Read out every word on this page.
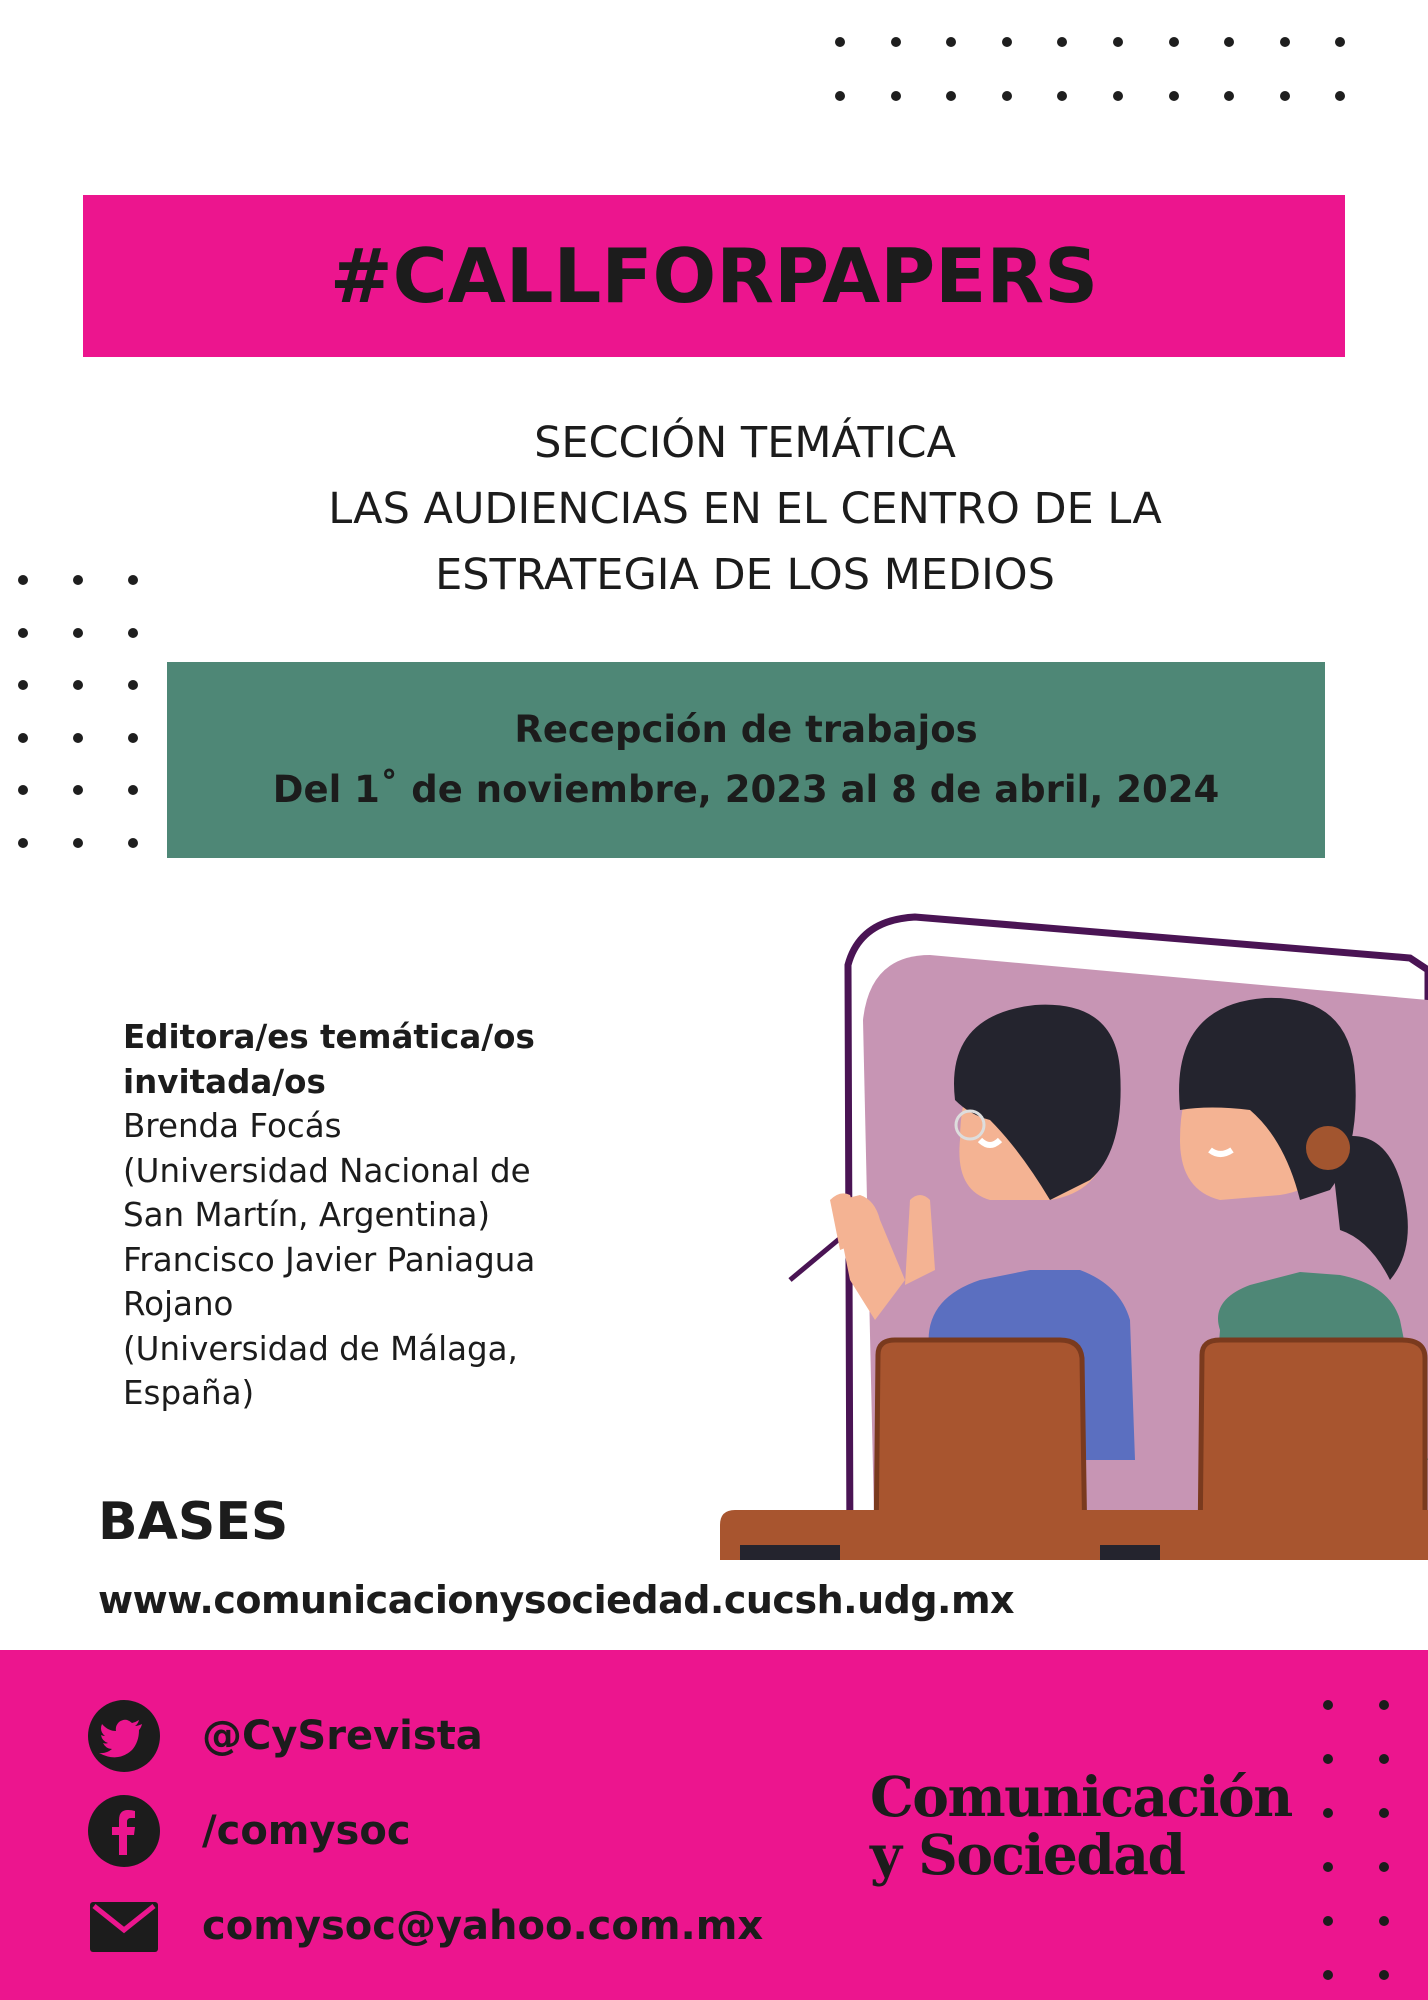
#CALLFORPAPERS
SECCIÓN TEMÁTICA
LAS AUDIENCIAS EN EL CENTRO DE LA
ESTRATEGIA DE LOS MEDIOS
Recepción de trabajos
Del 1˚ de noviembre, 2023 al 8 de abril, 2024
Editora/es temática/os
invitada/os
Brenda Focás
(Universidad Nacional de
San Martín, Argentina)
Francisco Javier Paniagua
Rojano
(Universidad de Málaga,
España)
BASES
www.comunicacionysociedad.cucsh.udg.mx
@CySrevista
/comysoc
comysoc@yahoo.com.mx
Comunicación
y Sociedad
